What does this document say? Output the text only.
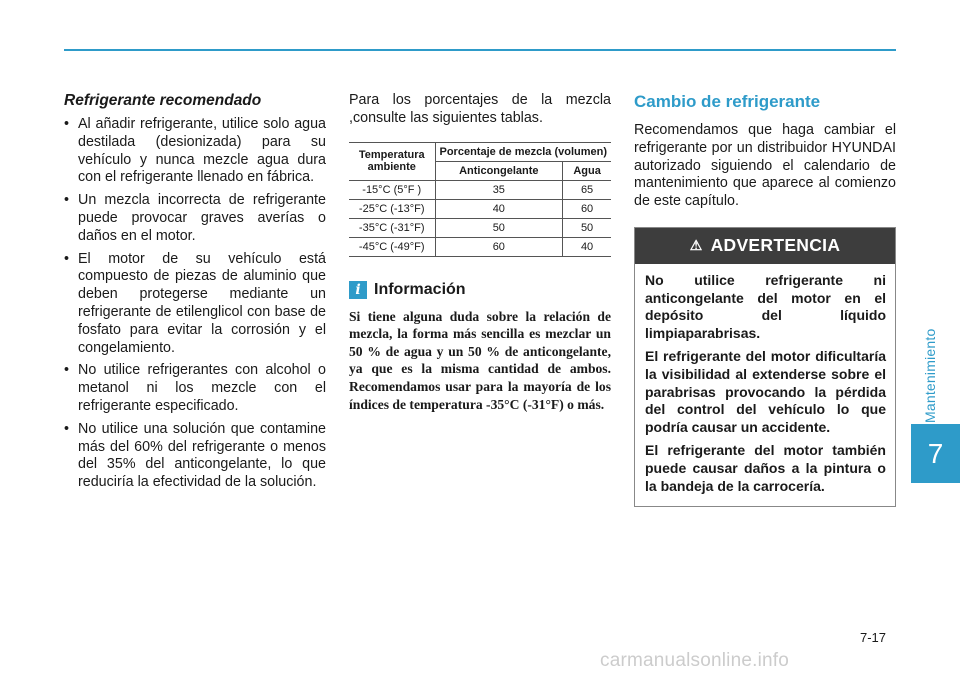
Mantenimiento
7
Refrigerante recomendado
• Al añadir refrigerante, utilice solo agua destilada (desionizada) para su vehículo y nunca mezcle agua dura con el refrigerante llenado en fábrica.
• Un mezcla incorrecta de refrigerante puede provocar graves averías o daños en el motor.
• El motor de su vehículo está compuesto de piezas de aluminio que deben protegerse mediante un refrigerante de etilenglicol con base de fosfato para evitar la corrosión y el congelamiento.
• No utilice refrigerantes con alcohol o metanol ni los mezcle con el refrigerante especificado.
• No utilice una solución que contamine más del 60% del refrigerante o menos del 35% del anticongelante, lo que reduciría la efectividad de la solución.

Para los porcentajes de la mezcla ,consulte las siguientes tablas.

Temperatura ambiente	Porcentaje de mezcla (volumen)	
	Anticongelante	Agua
-15°C (5°F )	35	65
-25°C (-13°F)	40	60
-35°C (-31°F)	50	50
-45°C (-49°F)	60	40
i Información

Si tiene alguna duda sobre la relación de mezcla, la forma más sencilla es mezclar un 50 % de agua y un 50 % de anticongelante, ya que es la misma cantidad de ambos. Recomendamos usar para la mayoría de los índices de temperatura -35°C (-31°F) o más.

Cambio de refrigerante

Recomendamos que haga cambiar el refrigerante por un distribuidor HYUNDAI autorizado siguiendo el calendario de mantenimiento que aparece al comienzo de este capítulo.

⚠ ADVERTENCIA

No utilice refrigerante ni anticongelante del motor en el depósito del líquido limpiaparabrisas.

El refrigerante del motor dificultaría la visibilidad al extenderse sobre el parabrisas provocando la pérdida del control del vehículo lo que podría causar un accidente.

El refrigerante del motor también puede causar daños a la pintura o la bandeja de la carrocería.

7-17
carmanualsonline.info
